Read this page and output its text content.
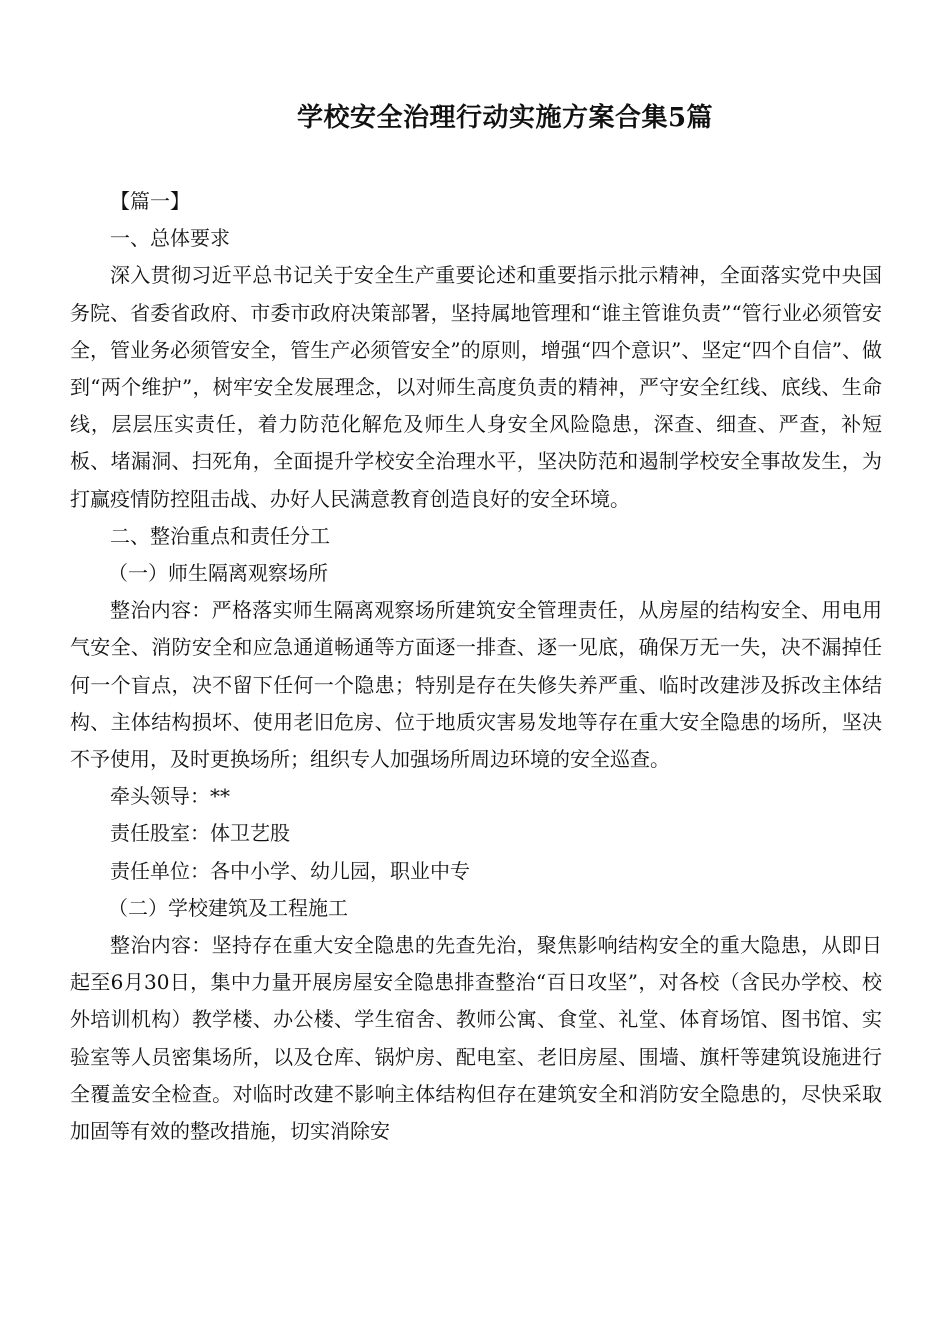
学校安全治理行动实施方案合集5篇

【篇一】

一、总体要求

深入贯彻习近平总书记关于安全生产重要论述和重要指示批示精神，全面落实党中央国务院、省委省政府、市委市政府决策部署，坚持属地管理和“谁主管谁负责”“管行业必须管安全，管业务必须管安全，管生产必须管安全”的原则，增强“四个意识”、坚定“四个自信”、做到“两个维护”，树牢安全发展理念，以对师生高度负责的精神，严守安全红线、底线、生命线，层层压实责任，着力防范化解危及师生人身安全风险隐患，深查、细查、严查，补短板、堵漏洞、扫死角，全面提升学校安全治理水平，坚决防范和遏制学校安全事故发生，为打赢疫情防控阻击战、办好人民满意教育创造良好的安全环境。

二、整治重点和责任分工

（一）师生隔离观察场所

整治内容：严格落实师生隔离观察场所建筑安全管理责任，从房屋的结构安全、用电用气安全、消防安全和应急通道畅通等方面逐一排查、逐一见底，确保万无一失，决不漏掉任何一个盲点，决不留下任何一个隐患；特别是存在失修失养严重、临时改建涉及拆改主体结构、主体结构损坏、使用老旧危房、位于地质灾害易发地等存在重大安全隐患的场所，坚决不予使用，及时更换场所；组织专人加强场所周边环境的安全巡查。

牵头领导：**

责任股室：体卫艺股

责任单位：各中小学、幼儿园，职业中专

（二）学校建筑及工程施工

整治内容：坚持存在重大安全隐患的先查先治，聚焦影响结构安全的重大隐患，从即日起至6月30日，集中力量开展房屋安全隐患排查整治“百日攻坚”，对各校（含民办学校、校外培训机构）教学楼、办公楼、学生宿舍、教师公寓、食堂、礼堂、体育场馆、图书馆、实验室等人员密集场所，以及仓库、锅炉房、配电室、老旧房屋、围墙、旗杆等建筑设施进行全覆盖安全检查。对临时改建不影响主体结构但存在建筑安全和消防安全隐患的，尽快采取加固等有效的整改措施，切实消除安
